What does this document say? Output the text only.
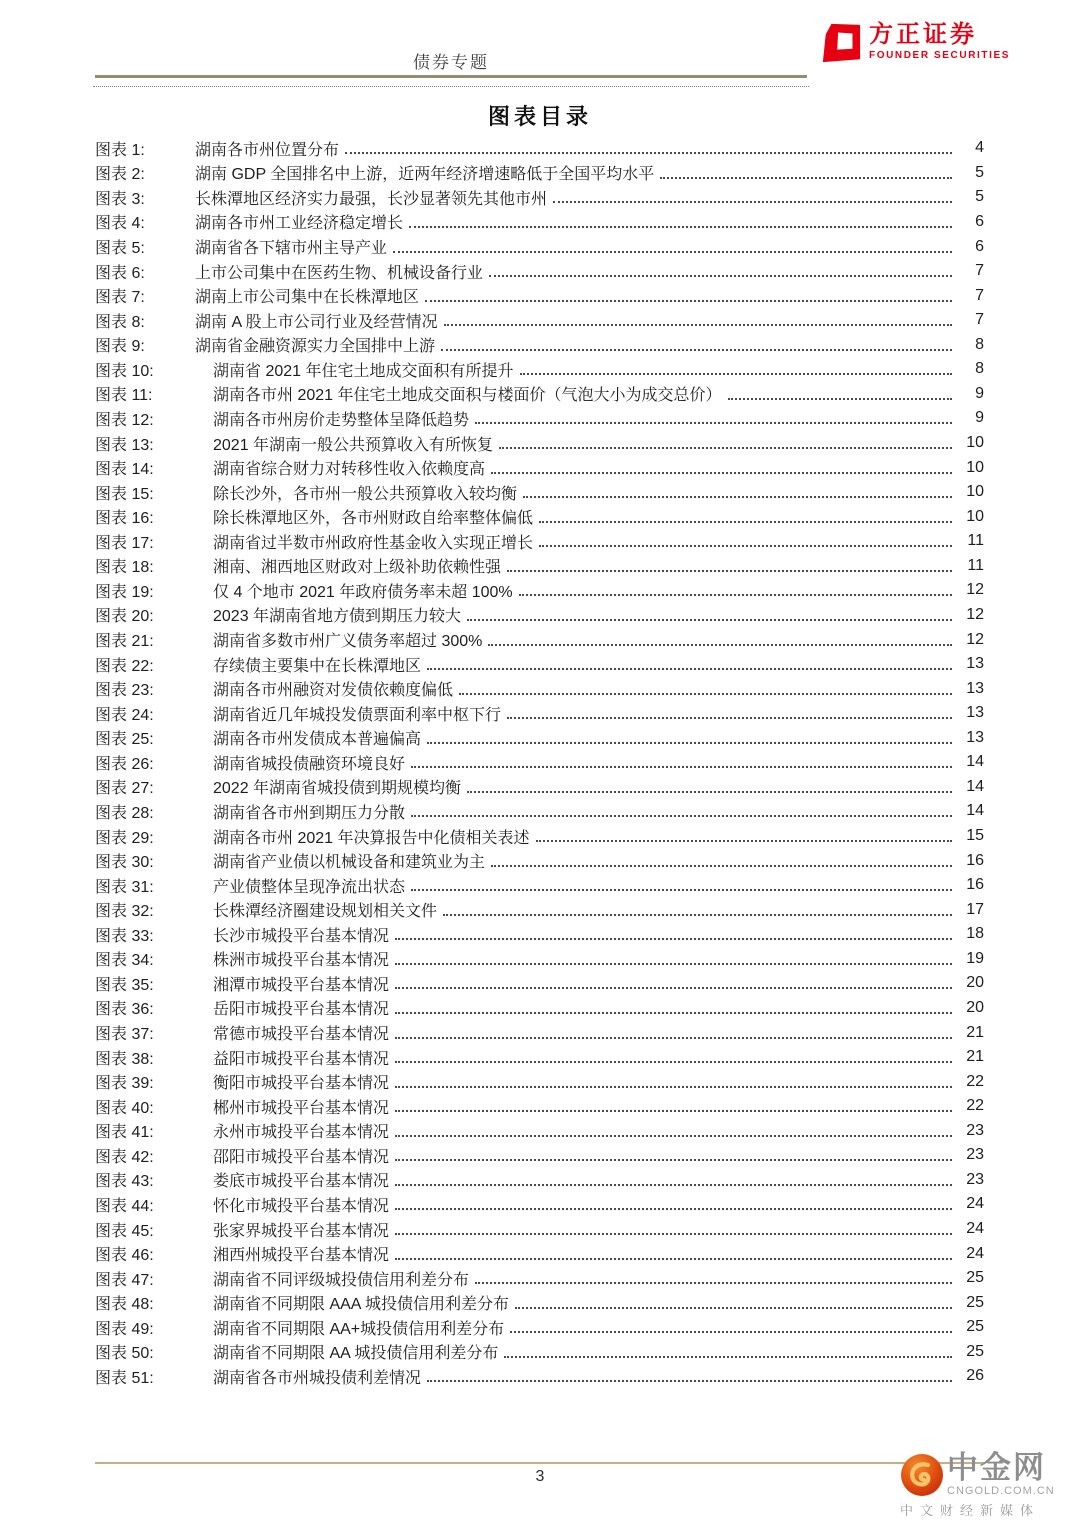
债券专题
方正证券
FOUNDER SECURITIES
图表目录
图表 1:	湖南各市州位置分布	4
图表 2:	湖南 GDP 全国排名中上游，近两年经济增速略低于全国平均水平	5
图表 3:	长株潭地区经济实力最强，长沙显著领先其他市州	5
图表 4:	湖南各市州工业经济稳定增长	6
图表 5:	湖南省各下辖市州主导产业	6
图表 6:	上市公司集中在医药生物、机械设备行业	7
图表 7:	湖南上市公司集中在长株潭地区	7
图表 8:	湖南 A 股上市公司行业及经营情况	7
图表 9:	湖南省金融资源实力全国排中上游	8
图表 10:	湖南省 2021 年住宅土地成交面积有所提升	8
图表 11:	湖南各市州 2021 年住宅土地成交面积与楼面价（气泡大小为成交总价）	9
图表 12:	湖南各市州房价走势整体呈降低趋势	9
图表 13:	2021 年湖南一般公共预算收入有所恢复	10
图表 14:	湖南省综合财力对转移性收入依赖度高	10
图表 15:	除长沙外，各市州一般公共预算收入较均衡	10
图表 16:	除长株潭地区外，各市州财政自给率整体偏低	10
图表 17:	湖南省过半数市州政府性基金收入实现正增长	11
图表 18:	湘南、湘西地区财政对上级补助依赖性强	11
图表 19:	仅 4 个地市 2021 年政府债务率未超 100%	12
图表 20:	2023 年湖南省地方债到期压力较大	12
图表 21:	湖南省多数市州广义债务率超过 300%	12
图表 22:	存续债主要集中在长株潭地区	13
图表 23:	湖南各市州融资对发债依赖度偏低	13
图表 24:	湖南省近几年城投发债票面利率中枢下行	13
图表 25:	湖南各市州发债成本普遍偏高	13
图表 26:	湖南省城投债融资环境良好	14
图表 27:	2022 年湖南省城投债到期规模均衡	14
图表 28:	湖南省各市州到期压力分散	14
图表 29:	湖南各市州 2021 年决算报告中化债相关表述	15
图表 30:	湖南省产业债以机械设备和建筑业为主	16
图表 31:	产业债整体呈现净流出状态	16
图表 32:	长株潭经济圈建设规划相关文件	17
图表 33:	长沙市城投平台基本情况	18
图表 34:	株洲市城投平台基本情况	19
图表 35:	湘潭市城投平台基本情况	20
图表 36:	岳阳市城投平台基本情况	20
图表 37:	常德市城投平台基本情况	21
图表 38:	益阳市城投平台基本情况	21
图表 39:	衡阳市城投平台基本情况	22
图表 40:	郴州市城投平台基本情况	22
图表 41:	永州市城投平台基本情况	23
图表 42:	邵阳市城投平台基本情况	23
图表 43:	娄底市城投平台基本情况	23
图表 44:	怀化市城投平台基本情况	24
图表 45:	张家界城投平台基本情况	24
图表 46:	湘西州城投平台基本情况	24
图表 47:	湖南省不同评级城投债信用利差分布	25
图表 48:	湖南省不同期限 AAA 城投债信用利差分布	25
图表 49:	湖南省不同期限 AA+城投债信用利差分布	25
图表 50:	湖南省不同期限 AA 城投债信用利差分布	25
图表 51:	湖南省各市州城投债利差情况	26
3	中金网
CNGOLD.COM.CN
中文财经新媒体
